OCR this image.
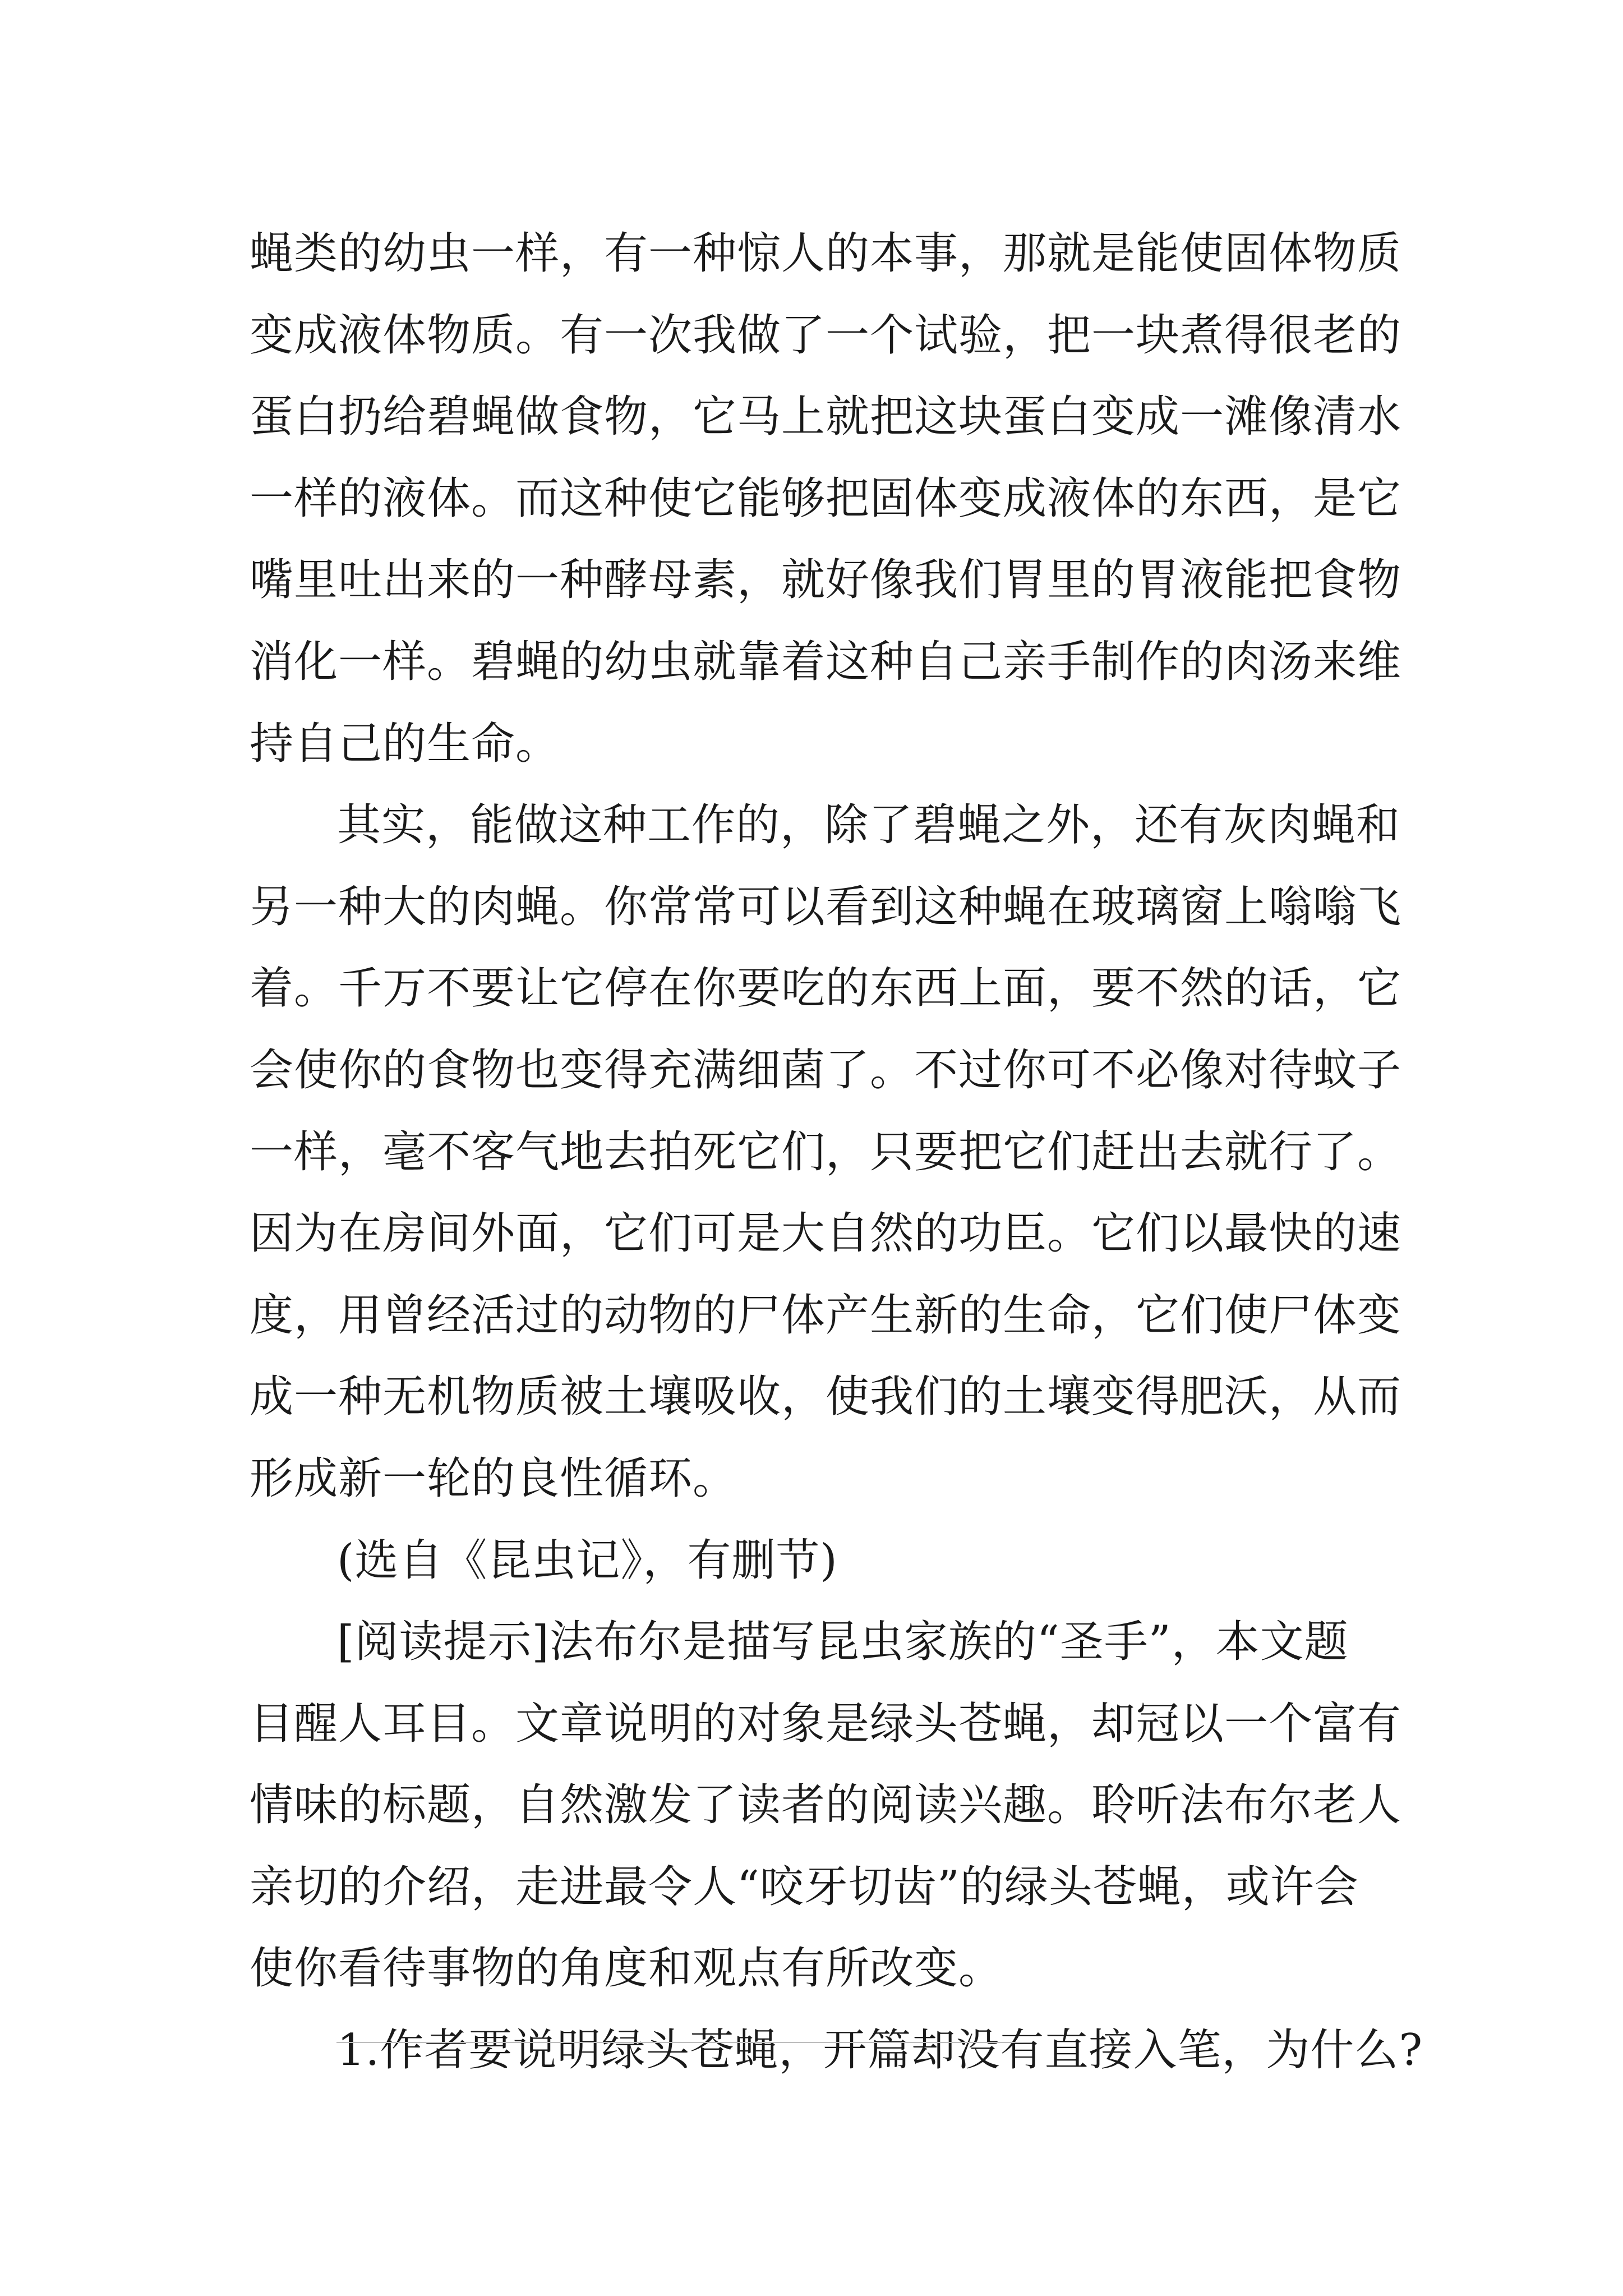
蝇类的幼虫一样，有一种惊人的本事，那就是能使固体物质
变成液体物质。有一次我做了一个试验，把一块煮得很老的
蛋白扔给碧蝇做食物，它马上就把这块蛋白变成一滩像清水
一样的液体。而这种使它能够把固体变成液体的东西，是它
嘴里吐出来的一种酵母素，就好像我们胃里的胃液能把食物
消化一样。碧蝇的幼虫就靠着这种自己亲手制作的肉汤来维
持自己的生命。
其实，能做这种工作的，除了碧蝇之外，还有灰肉蝇和
另一种大的肉蝇。你常常可以看到这种蝇在玻璃窗上嗡嗡飞
着。千万不要让它停在你要吃的东西上面，要不然的话，它
会使你的食物也变得充满细菌了。不过你可不必像对待蚊子
一样，毫不客气地去拍死它们，只要把它们赶出去就行了。
因为在房间外面，它们可是大自然的功臣。它们以最快的速
度，用曾经活过的动物的尸体产生新的生命，它们使尸体变
成一种无机物质被土壤吸收，使我们的土壤变得肥沃，从而
形成新一轮的良性循环。
(选自《昆虫记》，有删节)
[阅读提示]法布尔是描写昆虫家族的“圣手”，本文题
目醒人耳目。文章说明的对象是绿头苍蝇，却冠以一个富有
情味的标题，自然激发了读者的阅读兴趣。聆听法布尔老人
亲切的介绍，走进最令人“咬牙切齿”的绿头苍蝇，或许会
使你看待事物的角度和观点有所改变。
1.作者要说明绿头苍蝇，开篇却没有直接入笔，为什么?
